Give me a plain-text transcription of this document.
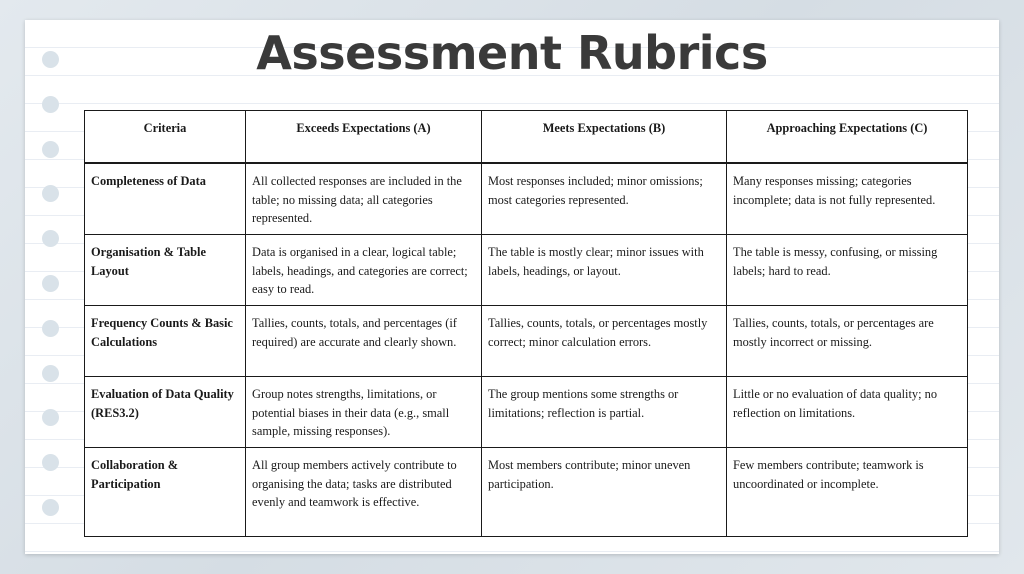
Assessment Rubrics
Criteria	Exceeds Expectations (A)	Meets Expectations (B)	Approaching Expectations (C)
Completeness of Data	All collected responses are included in the table; no missing data; all categories represented.	Most responses included; minor omissions; most categories represented.	Many responses missing; categories incomplete; data is not fully represented.
Organisation & Table Layout	Data is organised in a clear, logical table; labels, headings, and categories are correct; easy to read.	The table is mostly clear; minor issues with labels, headings, or layout.	The table is messy, confusing, or missing labels; hard to read.
Frequency Counts & Basic Calculations	Tallies, counts, totals, and percentages (if required) are accurate and clearly shown.	Tallies, counts, totals, or percentages mostly correct; minor calculation errors.	Tallies, counts, totals, or percentages are mostly incorrect or missing.
Evaluation of Data Quality (RES3.2)	Group notes strengths, limitations, or potential biases in their data (e.g., small sample, missing responses).	The group mentions some strengths or limitations; reflection is partial.	Little or no evaluation of data quality; no reflection on limitations.
Collaboration & Participation	All group members actively contribute to organising the data; tasks are distributed evenly and teamwork is effective.	Most members contribute; minor uneven participation.	Few members contribute; teamwork is uncoordinated or incomplete.
